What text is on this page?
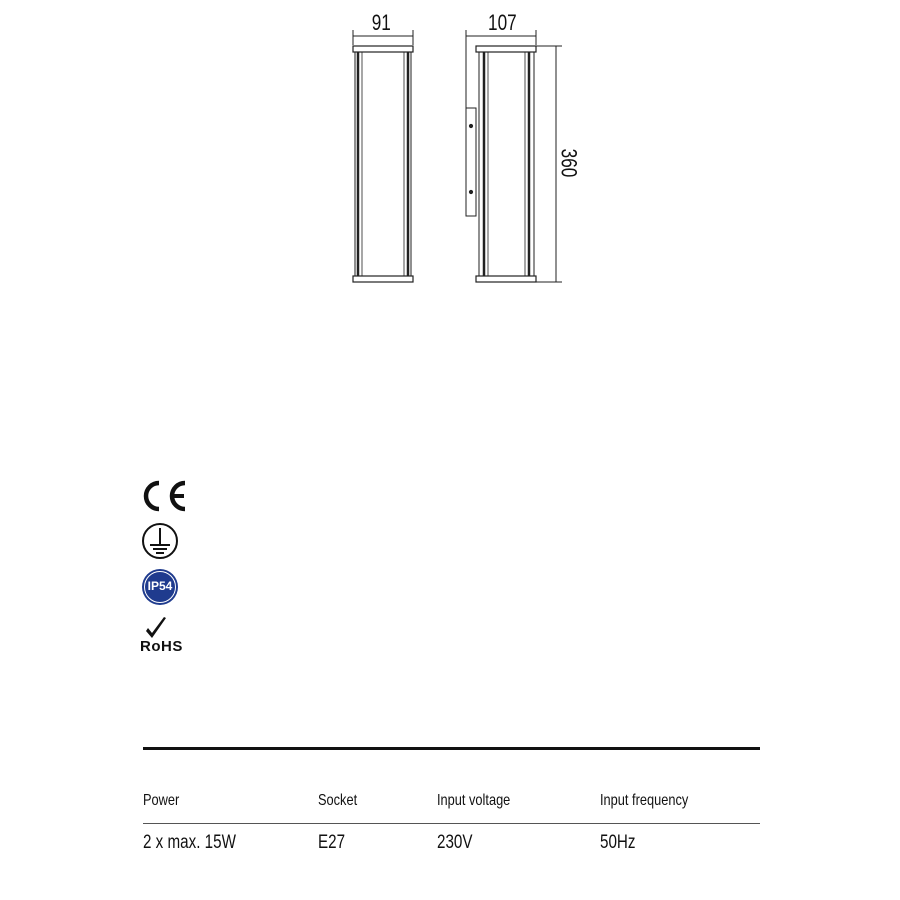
91	107
360
IP54
RoHS
Power	Socket	Input voltage	Input frequency
2 x max. 15W	E27	230V	50Hz
